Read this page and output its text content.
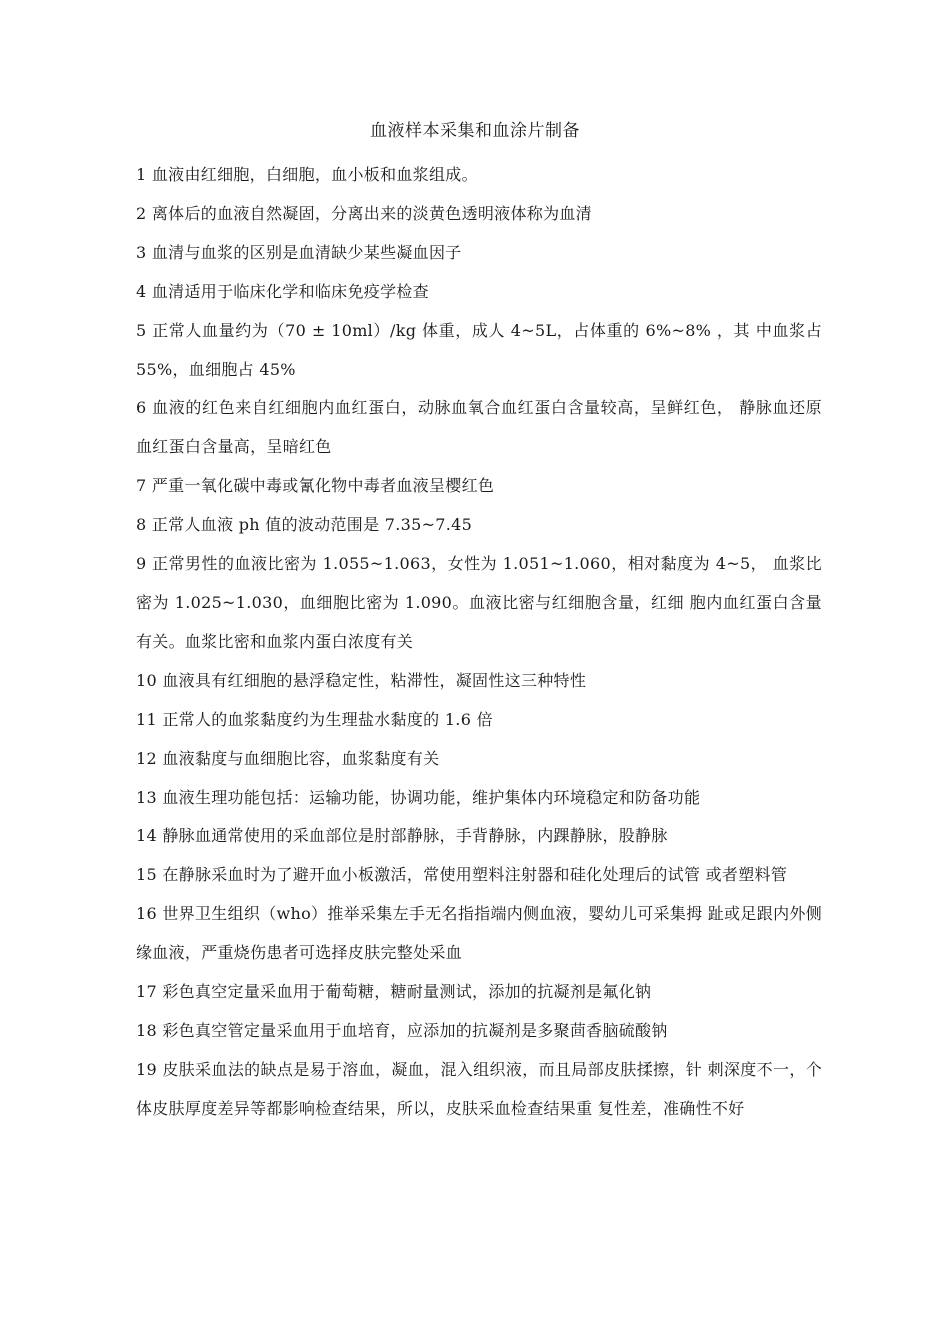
血液样本采集和血涂片制备

1 血液由红细胞，白细胞，血小板和血浆组成。

2 离体后的血液自然凝固，分离出来的淡黄色透明液体称为血清

3 血清与血浆的区别是血清缺少某些凝血因子

4 血清适用于临床化学和临床免疫学检查

5 正常人血量约为（70 ± 10ml）/kg 体重，成人 4~5L，占体重的 6%~8% ，其 中血浆占 55%，血细胞占 45%

6 血液的红色来自红细胞内血红蛋白，动脉血氧合血红蛋白含量较高，呈鲜红色， 静脉血还原血红蛋白含量高，呈暗红色

7 严重一氧化碳中毒或氰化物中毒者血液呈樱红色

8 正常人血液 ph 值的波动范围是 7.35~7.45

9 正常男性的血液比密为 1.055~1.063，女性为 1.051~1.060，相对黏度为 4~5， 血浆比密为 1.025~1.030，血细胞比密为 1.090。血液比密与红细胞含量，红细 胞内血红蛋白含量有关。血浆比密和血浆内蛋白浓度有关

10 血液具有红细胞的悬浮稳定性，粘滞性，凝固性这三种特性

11 正常人的血浆黏度约为生理盐水黏度的 1.6 倍

12 血液黏度与血细胞比容，血浆黏度有关

13 血液生理功能包括：运输功能，协调功能，维护集体内环境稳定和防备功能

14 静脉血通常使用的采血部位是肘部静脉，手背静脉，内踝静脉，股静脉

15 在静脉采血时为了避开血小板激活，常使用塑料注射器和硅化处理后的试管 或者塑料管

16 世界卫生组织（who）推举采集左手无名指指端内侧血液，婴幼儿可采集拇 趾或足跟内外侧缘血液，严重烧伤患者可选择皮肤完整处采血

17 彩色真空定量采血用于葡萄糖，糖耐量测试，添加的抗凝剂是氟化钠

18 彩色真空管定量采血用于血培育，应添加的抗凝剂是多聚茴香脑硫酸钠

19 皮肤采血法的缺点是易于溶血，凝血，混入组织液，而且局部皮肤揉擦，针 刺深度不一，个体皮肤厚度差异等都影响检查结果，所以，皮肤采血检查结果重 复性差，准确性不好
